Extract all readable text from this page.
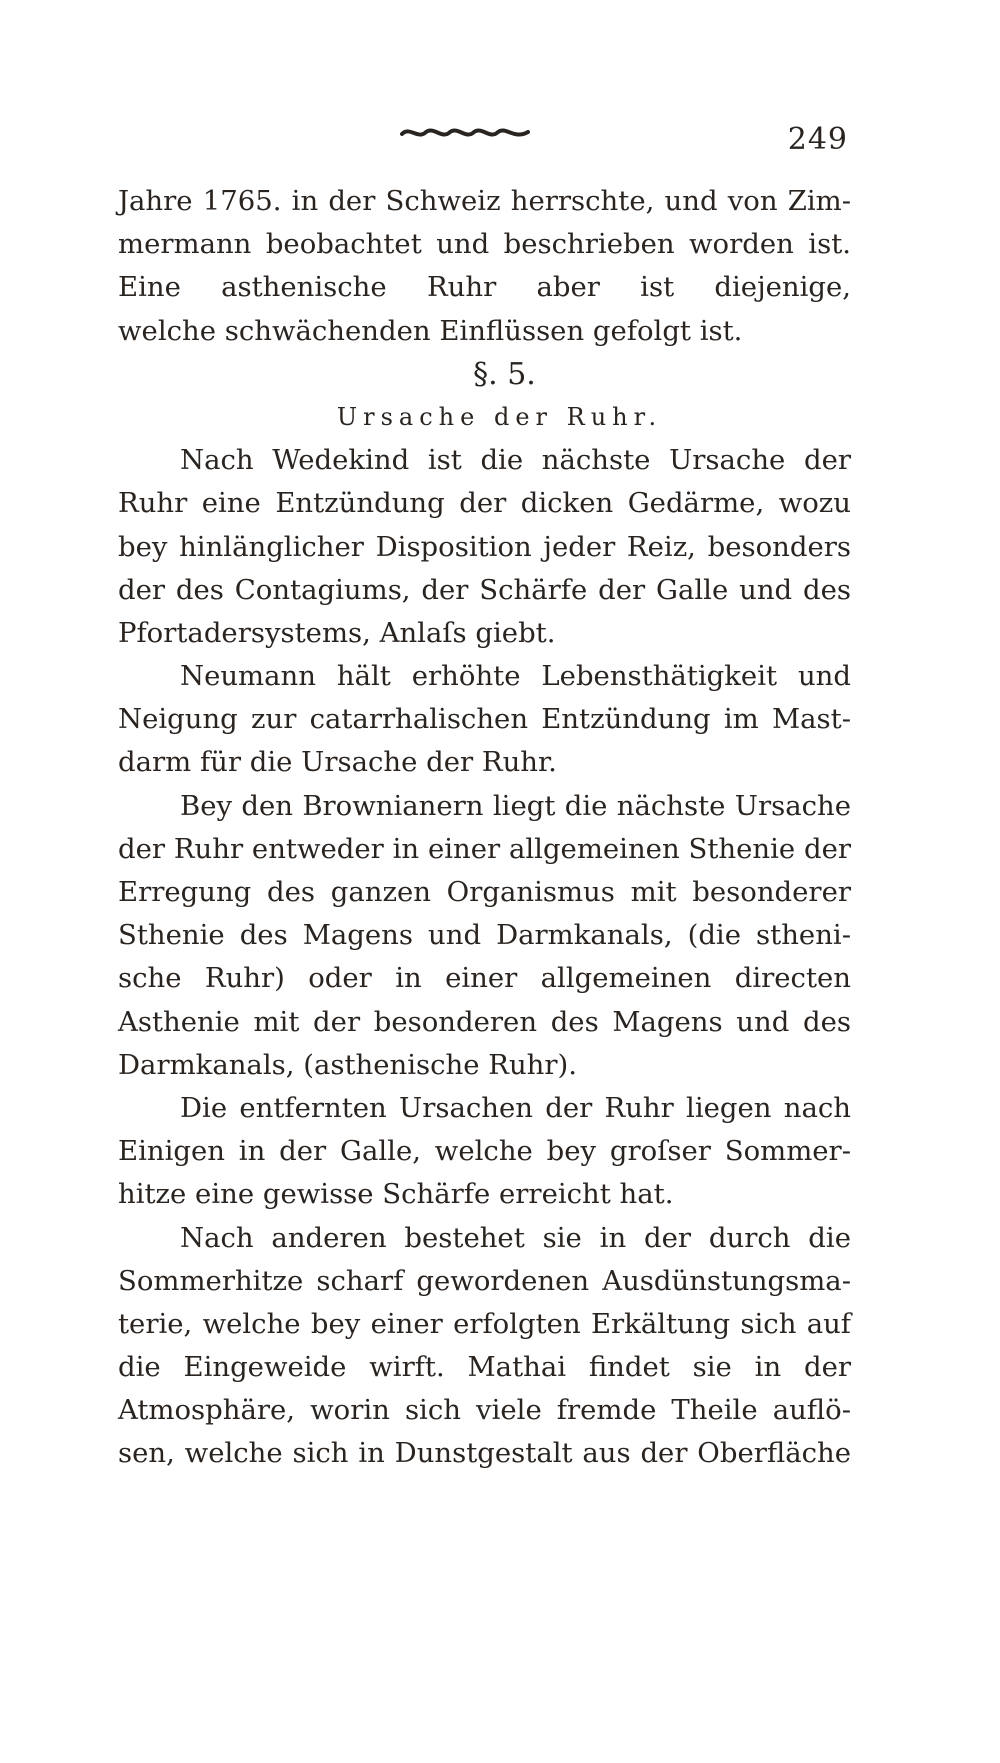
249
Jahre 1765. in der Schweiz herrschte, und von Zim-
mermann beobachtet und beschrieben worden ist.
Eine asthenische Ruhr aber ist diejenige,
welche schwächenden Einflüssen gefolgt ist.
§. 5.
Ursache der Ruhr.
Nach Wedekind ist die nächste Ursache der
Ruhr eine Entzündung der dicken Gedärme, wozu
bey hinlänglicher Disposition jeder Reiz, besonders
der des Contagiums, der Schärfe der Galle und des
Pfortadersystems, Anlaſs giebt.
Neumann hält erhöhte Lebensthätigkeit und
Neigung zur catarrhalischen Entzündung im Mast-
darm für die Ursache der Ruhr.
Bey den Brownianern liegt die nächste Ursache
der Ruhr entweder in einer allgemeinen Sthenie der
Erregung des ganzen Organismus mit besonderer
Sthenie des Magens und Darmkanals, (die stheni-
sche Ruhr) oder in einer allgemeinen directen
Asthenie mit der besonderen des Magens und des
Darmkanals, (asthenische Ruhr).
Die entfernten Ursachen der Ruhr liegen nach
Einigen in der Galle, welche bey groſser Sommer-
hitze eine gewisse Schärfe erreicht hat.
Nach anderen bestehet sie in der durch die
Sommerhitze scharf gewordenen Ausdünstungsma-
terie, welche bey einer erfolgten Erkältung sich auf
die Eingeweide wirft. Mathai findet sie in der
Atmosphäre, worin sich viele fremde Theile auflö-
sen, welche sich in Dunstgestalt aus der Oberfläche
